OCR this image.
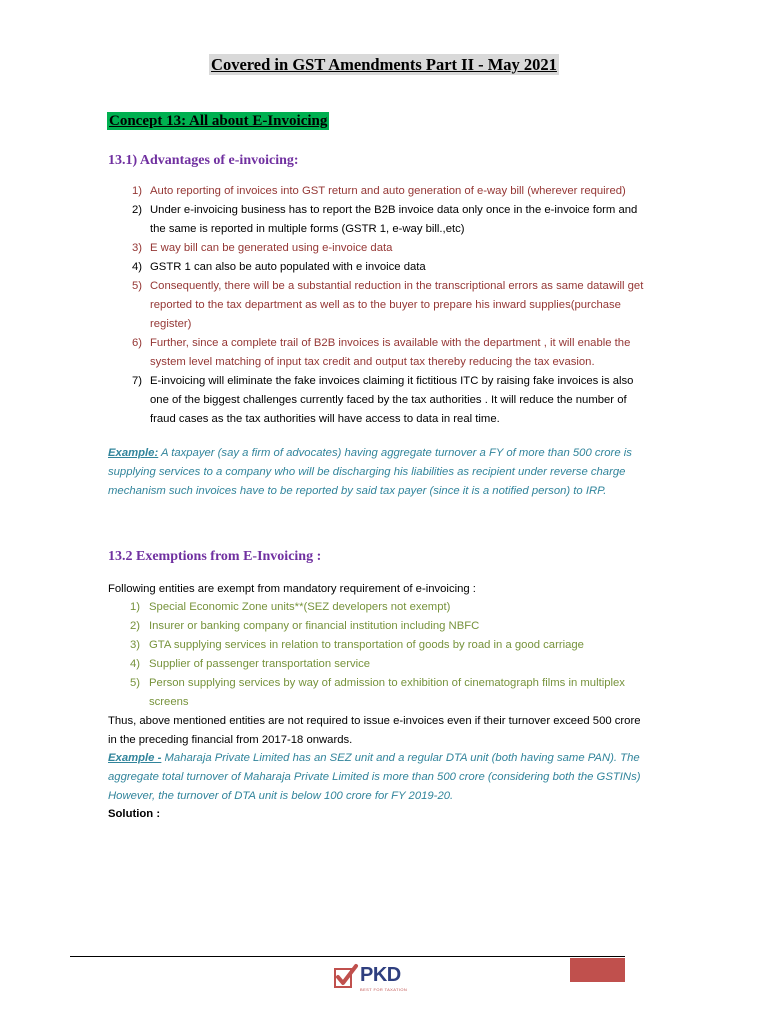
Covered in GST Amendments Part II - May 2021
Concept 13: All about E-Invoicing
13.1) Advantages of e-invoicing:
1) Auto reporting of invoices into GST return and auto generation of e-way bill (wherever required)
2) Under e-invoicing business has to report the B2B invoice data only once in the e-invoice form and the same is reported in multiple forms (GSTR 1, e-way bill.,etc)
3) E way bill can be generated using e-invoice data
4) GSTR 1 can also be auto populated with e invoice data
5) Consequently, there will be a substantial reduction in the transcriptional errors as same datawill get reported to the tax department as well as to the buyer to prepare his inward supplies(purchase register)
6) Further, since a complete trail of B2B invoices is available with the department , it will enable the system level matching of input tax credit and output tax thereby reducing the tax evasion.
7) E-invoicing will eliminate the fake invoices claiming it fictitious ITC by raising fake invoices is also one of the biggest challenges currently faced by the tax authorities . It will reduce the number of fraud cases as the tax authorities will have access to data in real time.
Example: A taxpayer (say a firm of advocates) having aggregate turnover a FY of more than 500 crore is supplying services to a company who will be discharging his liabilities as recipient under reverse charge mechanism such invoices have to be reported by said tax payer (since it is a notified person) to IRP.
13.2 Exemptions from E-Invoicing :
Following entities are exempt from mandatory requirement of e-invoicing :
1) Special Economic Zone units**(SEZ developers not exempt)
2) Insurer or banking company or financial institution including NBFC
3) GTA supplying services in relation to transportation of goods by road in a good carriage
4) Supplier of passenger transportation service
5) Person supplying services by way of admission to exhibition of cinematograph films in multiplex screens
Thus, above mentioned entities are not required to issue e-invoices even if their turnover exceed 500 crore in the preceding financial from 2017-18 onwards.
Example - Maharaja Private Limited has an SEZ unit and a regular DTA unit (both having same PAN). The aggregate total turnover of Maharaja Private Limited is more than 500 crore (considering both the GSTINs) However, the turnover of DTA unit is below 100 crore for FY 2019-20.
Solution :
PKD
BEST FOR TAXATION
